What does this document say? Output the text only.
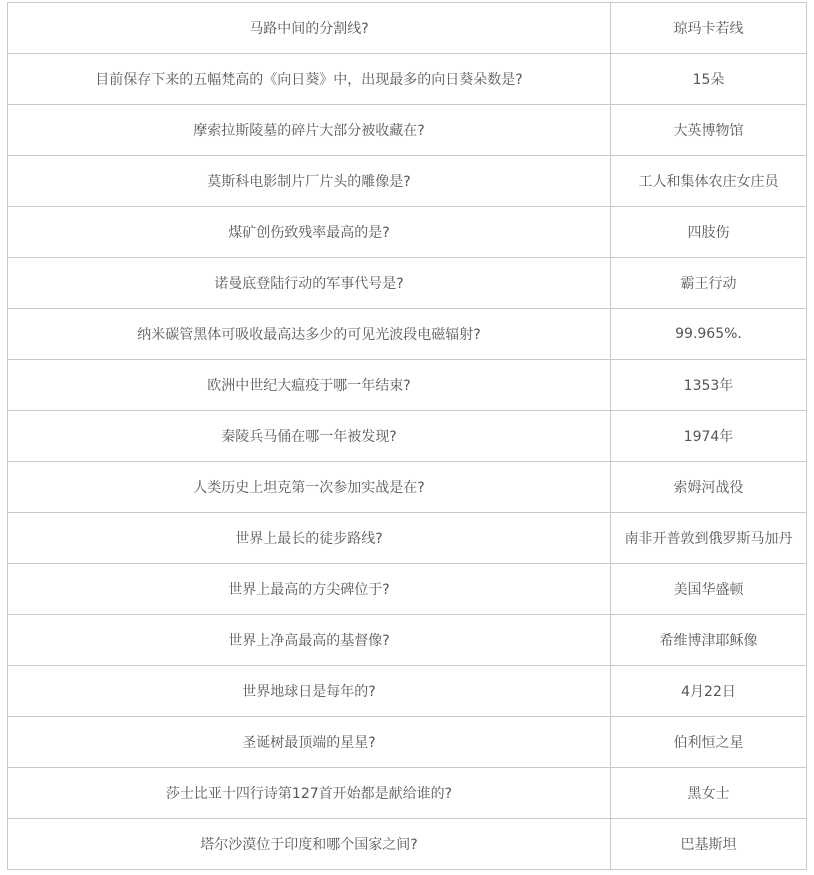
马路中间的分割线?	琼玛卡若线
目前保存下来的五幅梵高的《向日葵》中，出现最多的向日葵朵数是?	15朵
摩索拉斯陵墓的碎片大部分被收藏在?	大英博物馆
莫斯科电影制片厂片头的雕像是?	工人和集体农庄女庄员
煤矿创伤致残率最高的是?	四肢伤
诺曼底登陆行动的军事代号是?	霸王行动
纳米碳管黑体可吸收最高达多少的可见光波段电磁辐射?	99.965%.
欧洲中世纪大瘟疫于哪一年结束?	1353年
秦陵兵马俑在哪一年被发现?	1974年
人类历史上坦克第一次参加实战是在?	索姆河战役
世界上最长的徒步路线?	南非开普敦到俄罗斯马加丹
世界上最高的方尖碑位于?	美国华盛顿
世界上净高最高的基督像?	希维博津耶稣像
世界地球日是每年的?	4月22日
圣诞树最顶端的星星?	伯利恒之星
莎士比亚十四行诗第127首开始都是献给谁的?	黑女士
塔尔沙漠位于印度和哪个国家之间?	巴基斯坦
